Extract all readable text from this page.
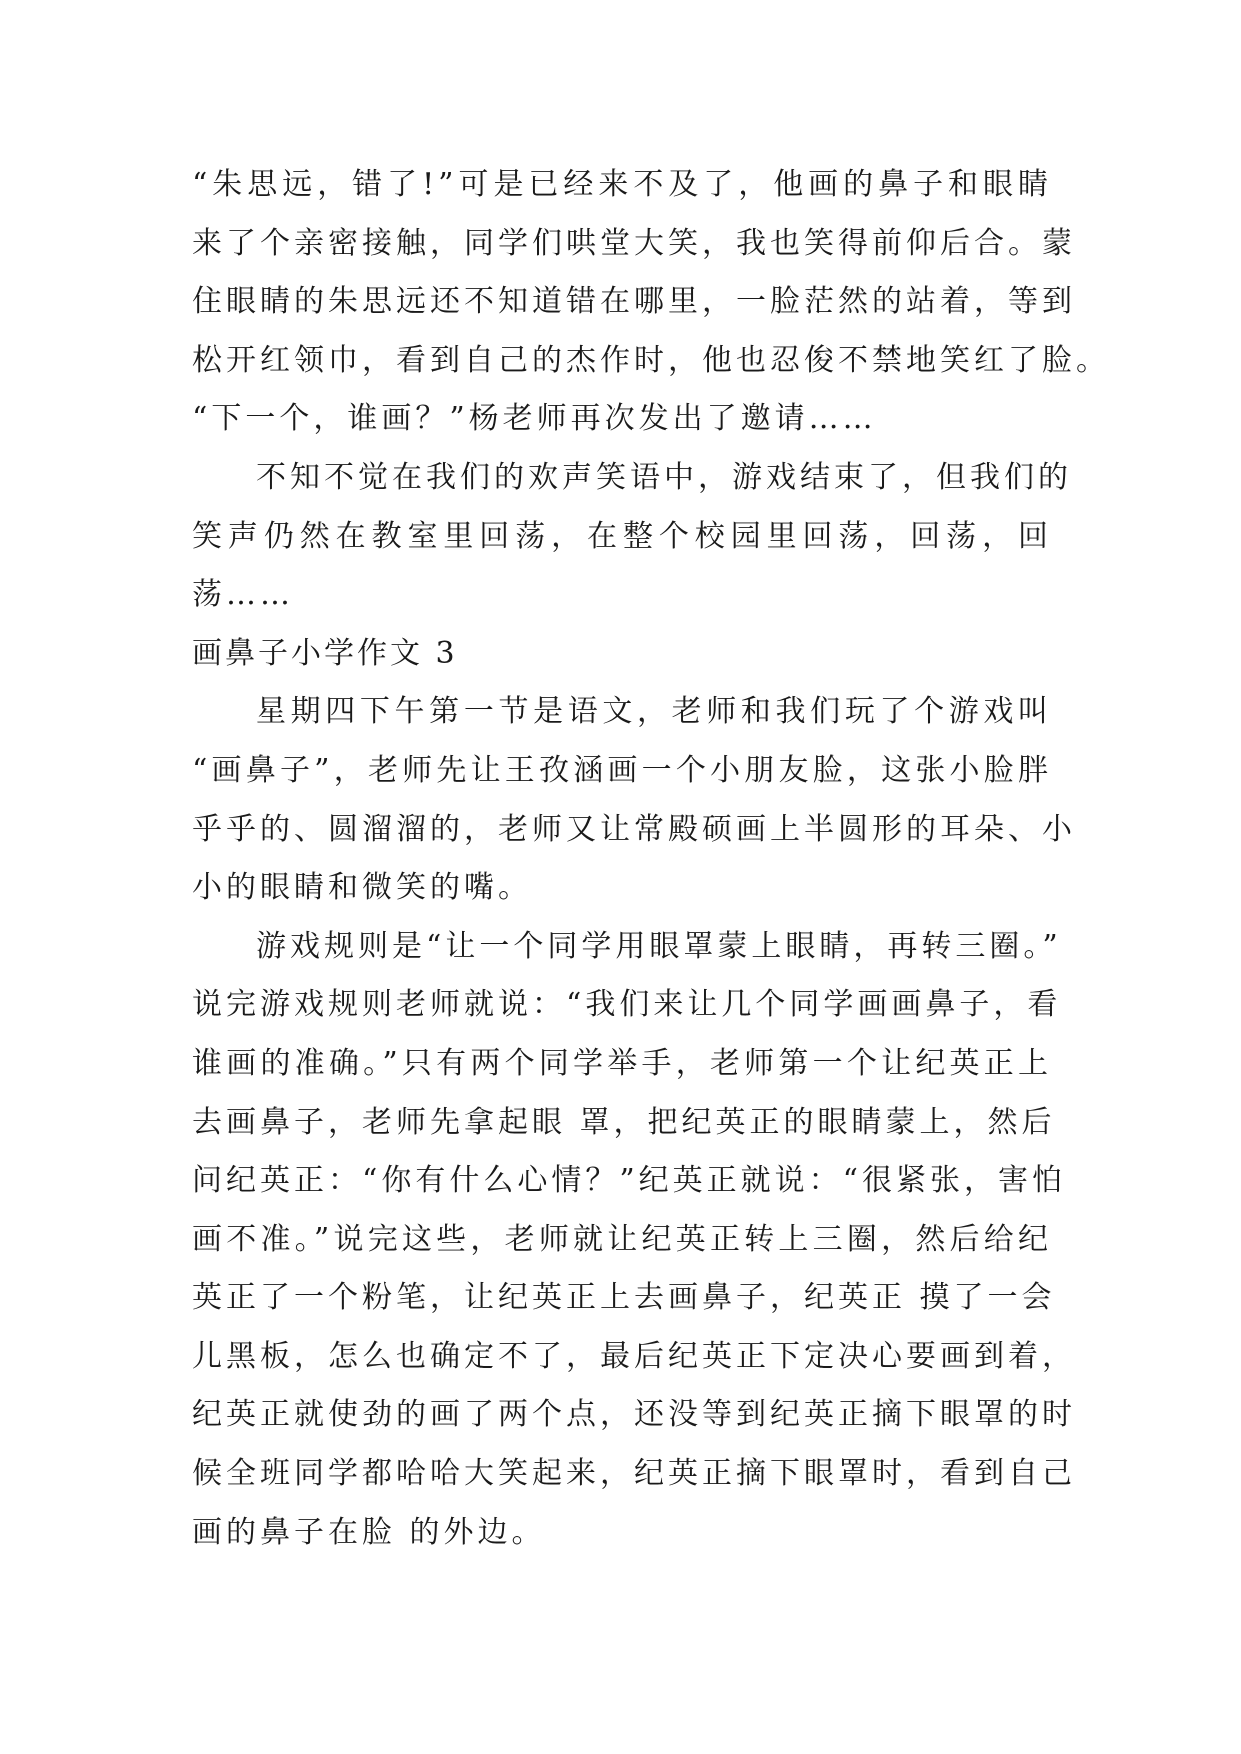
“朱思远，错了!”可是已经来不及了，他画的鼻子和眼睛
来了个亲密接触，同学们哄堂大笑，我也笑得前仰后合。蒙
住眼睛的朱思远还不知道错在哪里，一脸茫然的站着，等到
松开红领巾，看到自己的杰作时，他也忍俊不禁地笑红了脸。
“下一个，谁画？”杨老师再次发出了邀请……
不知不觉在我们的欢声笑语中，游戏结束了，但我们的
笑声仍然在教室里回荡，在整个校园里回荡，回荡，回
荡……
画鼻子小学作文 3
星期四下午第一节是语文，老师和我们玩了个游戏叫
“画鼻子”，老师先让王孜涵画一个小朋友脸，这张小脸胖
乎乎的、圆溜溜的，老师又让常殿硕画上半圆形的耳朵、小
小的眼睛和微笑的嘴。
游戏规则是“让一个同学用眼罩蒙上眼睛，再转三圈。”
说完游戏规则老师就说：“我们来让几个同学画画鼻子，看
谁画的准确。”只有两个同学举手，老师第一个让纪英正上
去画鼻子，老师先拿起眼 罩，把纪英正的眼睛蒙上，然后
问纪英正：“你有什么心情？”纪英正就说：“很紧张，害怕
画不准。”说完这些，老师就让纪英正转上三圈，然后给纪
英正了一个粉笔，让纪英正上去画鼻子，纪英正 摸了一会
儿黑板，怎么也确定不了，最后纪英正下定决心要画到着，
纪英正就使劲的画了两个点，还没等到纪英正摘下眼罩的时
候全班同学都哈哈大笑起来，纪英正摘下眼罩时，看到自己
画的鼻子在脸 的外边。
